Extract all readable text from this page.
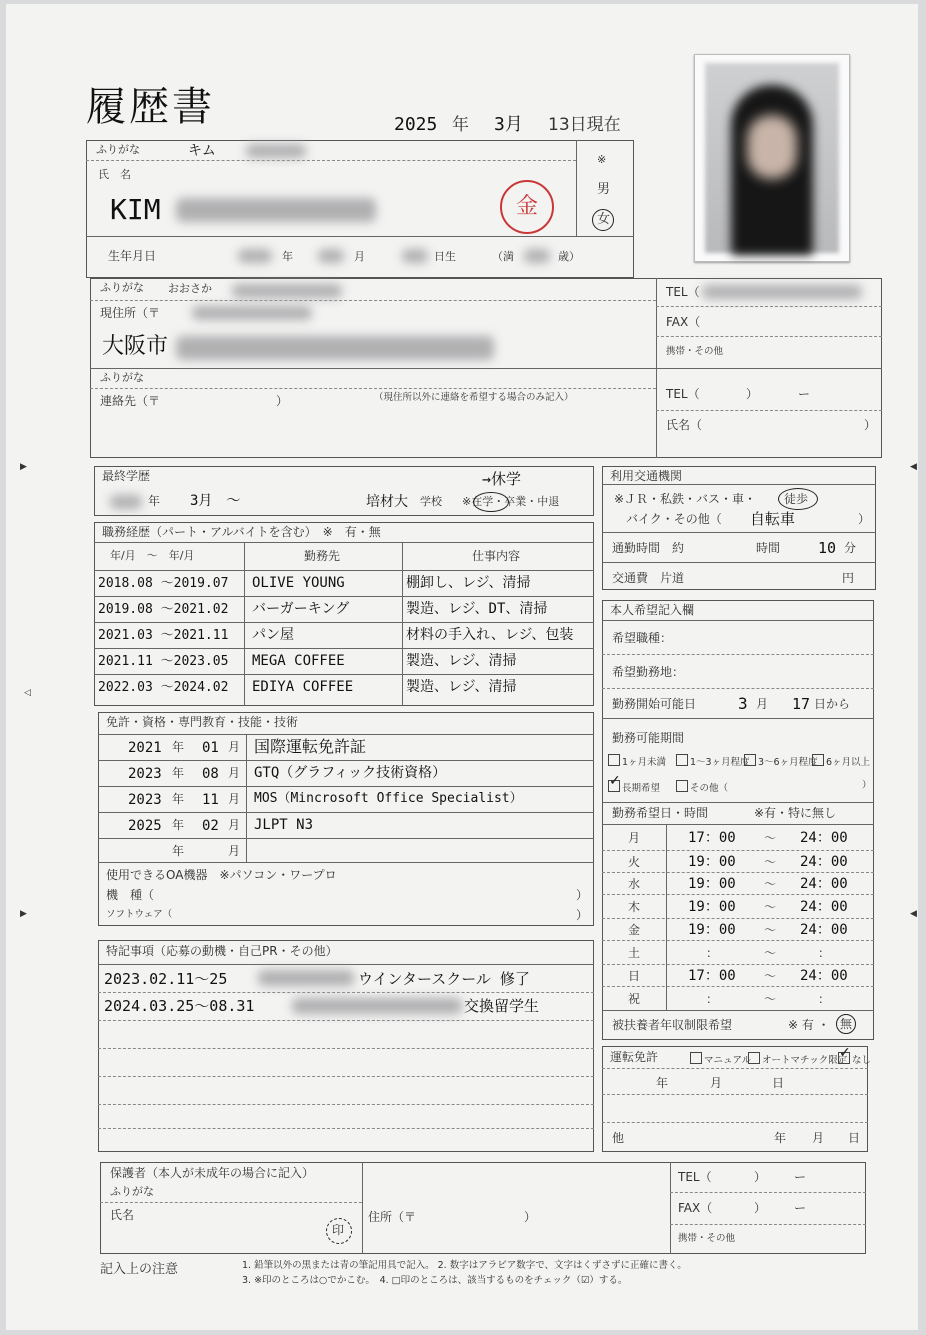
履歴書	2025 年 3月 13日現在
ふりがな	キム
氏　名
KIM	金
※
男
女
生年月日	年	月	日生	（満	歳）
ふりがな おおさか
現住所（〒
大阪市
TEL（
FAX（
携帯・その他
ふりがな
連絡先（〒	）	（現住所以外に連絡を希望する場合のみ記入）	TEL（	）	ー
氏名（	）
最終学歴
年 3月　〜	培材大 学校
→休学
※在学・卒業・中退
利用交通機関
※ＪＲ・私鉄・バス・車・ 徒歩
バイク・その他（ 自転車	）
通勤時間　約	時間	10 分
交通費　片道	円
職務経歴（パート・アルバイトを含む）　※　有・無
年/月　〜　年/月	勤務先	仕事内容
2018.08 〜2019.07 OLIVE YOUNG	棚卸し、レジ、清掃
2019.08 〜2021.02 バーガーキング	製造、レジ、DT、清掃
2021.03 〜2021.11 パン屋	材料の手入れ、レジ、包装
2021.11 〜2023.05 MEGA COFFEE	製造、レジ、清掃
2022.03 〜2024.02 EDIYA COFFEE	製造、レジ、清掃
免許・資格・専門教育・技能・技術
2021 年 01 月 国際運転免許証
2023 年 08 月 GTQ（グラフィック技術資格）
2023 年 11 月 MOS（Mincrosoft Office Specialist）
2025 年 02 月 JLPT N3
年	月
使用できるOA機器　※パソコン・ワープロ
機　種（	）
ソフトウェア（	）
特記事項（応募の動機・自己PR・その他）
2023.02.11〜25	ウインタースクール 修了
2024.03.25〜08.31	交換留学生
本人希望記入欄
希望職種：
希望勤務地：
勤務開始可能日	3 月 17 日から
勤務可能期間
1ヶ月未満	1〜3ヶ月程度 3〜6ヶ月程度 6ヶ月以上
✓ 長期希望	その他（	）
勤務希望日・時間	※有・特に無し
月	17：00 〜 24：00
火	19：00 〜 24：00
水	19：00 〜 24：00
木	19：00 〜 24：00
金	19：00 〜 24：00
土	：	〜	：
日	17：00 〜 24：00
祝	：	〜	：
被扶養者年収制限希望	※ 有 ・ 無
運転免許	マニュアル	オートマチック限定
✓ なし
年	月	日
他	年 月 日
保護者（本人が未成年の場合に記入）
ふりがな
氏名
印
住所（〒	）
TEL（	） ー
FAX（	） ー
携帯・その他
記入上の注意	1. 鉛筆以外の黒または青の筆記用具で記入。 2. 数字はアラビア数字で、文字はくずさずに正確に書く。
3. ※印のところは○でかこむ。　4. □印のところは、該当するものをチェック（☑）する。
▶
▶
◁
◀
◀
